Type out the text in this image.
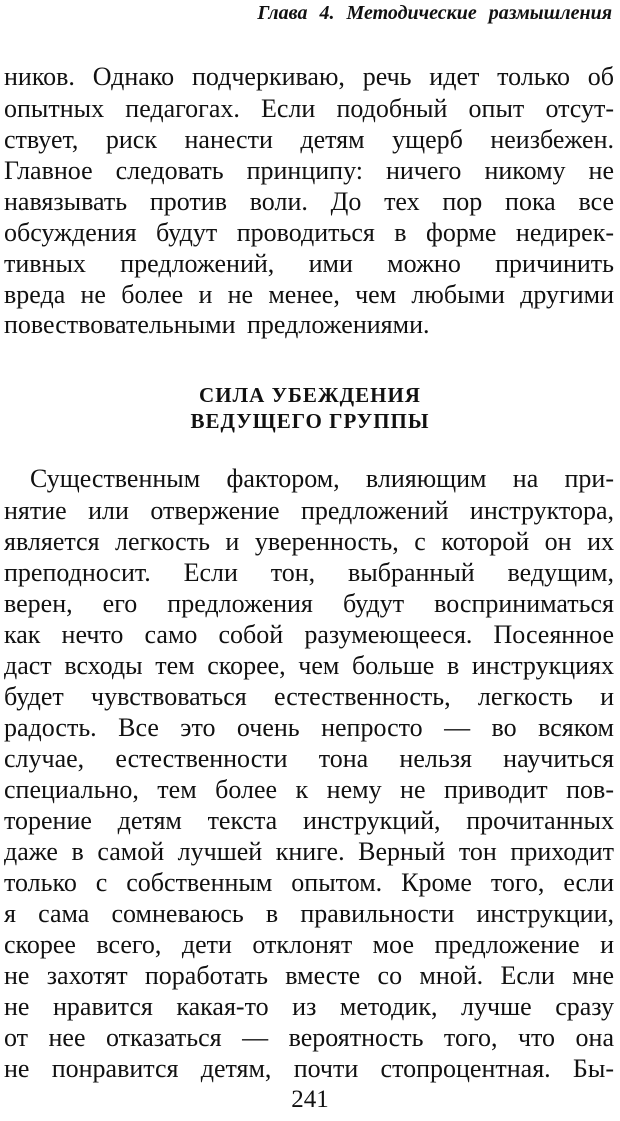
Глава 4. Методические размышления
ников. Однако подчеркиваю, речь идет только об
опытных педагогах. Если подобный опыт отсут-
ствует, риск нанести детям ущерб неизбежен.
Главное следовать принципу: ничего никому не
навязывать против воли. До тех пор пока все
обсуждения будут проводиться в форме недирек-
тивных предложений, ими можно причинить
вреда не более и не менее, чем любыми другими
повествовательными предложениями.
СИЛА УБЕЖДЕНИЯ
ВЕДУЩЕГО ГРУППЫ
Существенным фактором, влияющим на при-
нятие или отвержение предложений инструктора,
является легкость и уверенность, с которой он их
преподносит. Если тон, выбранный ведущим,
верен, его предложения будут восприниматься
как нечто само собой разумеющееся. Посеянное
даст всходы тем скорее, чем больше в инструкциях
будет чувствоваться естественность, легкость и
радость. Все это очень непросто — во всяком
случае, естественности тона нельзя научиться
специально, тем более к нему не приводит пов-
торение детям текста инструкций, прочитанных
даже в самой лучшей книге. Верный тон приходит
только с собственным опытом. Кроме того, если
я сама сомневаюсь в правильности инструкции,
скорее всего, дети отклонят мое предложение и
не захотят поработать вместе со мной. Если мне
не нравится какая-то из методик, лучше сразу
от нее отказаться — вероятность того, что она
не понравится детям, почти стопроцентная. Бы-
241
